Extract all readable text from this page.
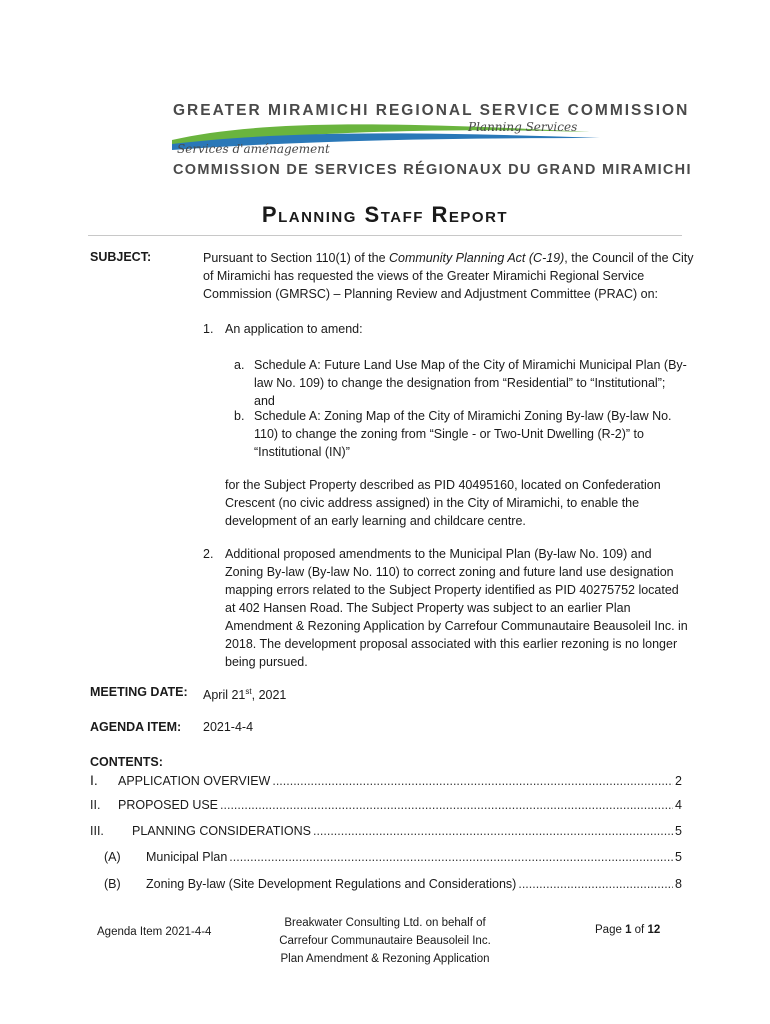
GREATER MIRAMICHI REGIONAL SERVICE COMMISSION
Planning Services
Services d'aménagement
COMMISSION DE SERVICES RÉGIONAUX DU GRAND MIRAMICHI
Planning Staff Report
SUBJECT:	Pursuant to Section 110(1) of the Community Planning Act (C-19), the Council of the City
of Miramichi has requested the views of the Greater Miramichi Regional Service
Commission (GMRSC) – Planning Review and Adjustment Committee (PRAC) on:
1. An application to amend:
a. Schedule A: Future Land Use Map of the City of Miramichi Municipal Plan (By-
law No. 109) to change the designation from “Residential” to “Institutional”;
and
b. Schedule A: Zoning Map of the City of Miramichi Zoning By-law (By-law No.
110) to change the zoning from “Single - or Two-Unit Dwelling (R-2)” to
“Institutional (IN)”
for the Subject Property described as PID 40495160, located on Confederation
Crescent (no civic address assigned) in the City of Miramichi, to enable the
development of an early learning and childcare centre.
2. Additional proposed amendments to the Municipal Plan (By-law No. 109) and
Zoning By-law (By-law No. 110) to correct zoning and future land use designation
mapping errors related to the Subject Property identified as PID 40275752 located
at 402 Hansen Road. The Subject Property was subject to an earlier Plan
Amendment & Rezoning Application by Carrefour Communautaire Beausoleil Inc. in
2018. The development proposal associated with this earlier rezoning is no longer
being pursued.
MEETING DATE: April 21st, 2021
AGENDA ITEM: 2021-4-4
CONTENTS:
I.	APPLICATION OVERVIEW .....	2
II.	PROPOSED USE .....	4
III.	PLANNING CONSIDERATIONS .....	5
(A)	Municipal Plan .....	5
(B)	Zoning By-law (Site Development Regulations and Considerations) .....	8
Agenda Item 2021-4-4
Breakwater Consulting Ltd. on behalf of
Carrefour Communautaire Beausoleil Inc.
Plan Amendment & Rezoning Application
Page 1 of 12
